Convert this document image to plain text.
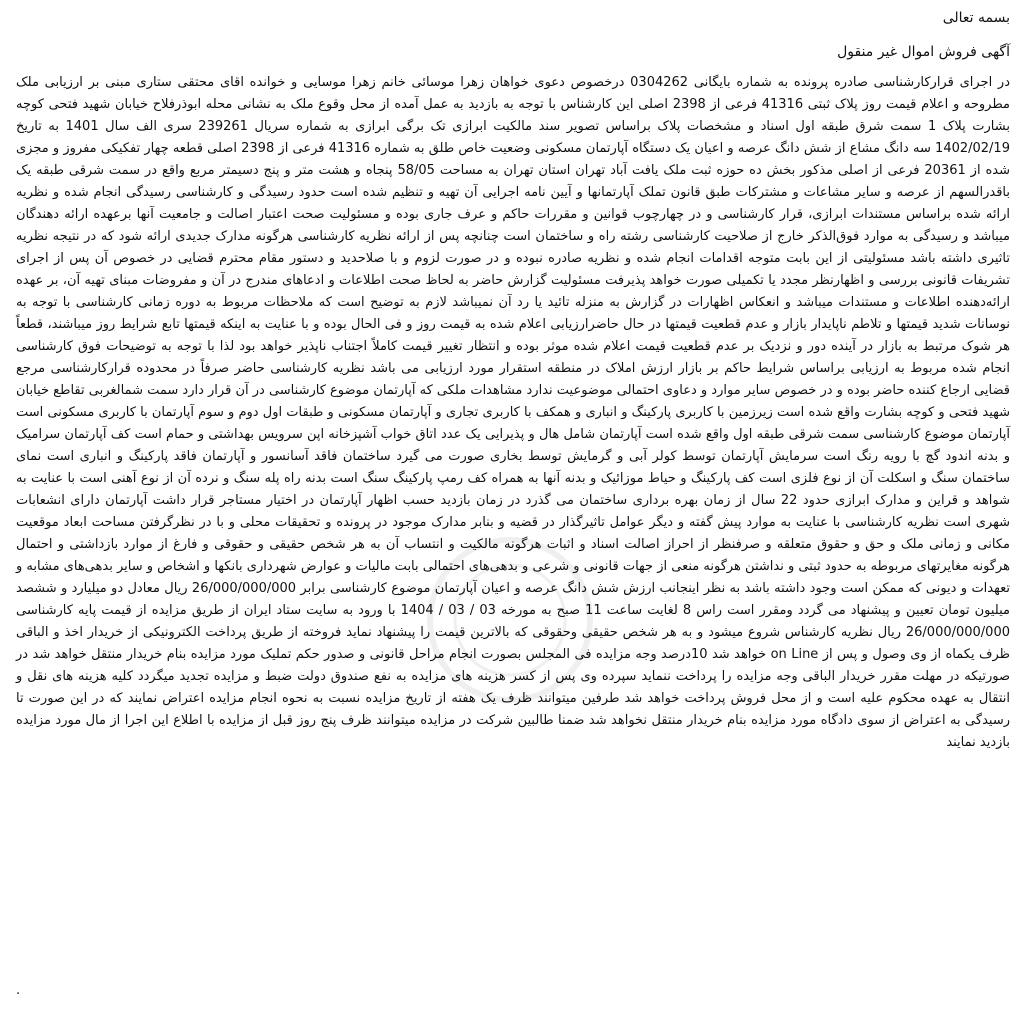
بسمه تعالی
آگهی فروش اموال غیر منقول

در اجرای قرارکارشناسی صادره پرونده به شماره بایگانی 0304262 درخصوص دعوی خواهان زهرا موسائی خانم زهرا موسایی و خوانده اقای محتقی ستاری مبنی بر ارزیابی ملک مطروحه و اعلام قیمت روز پلاک ثبتی 41316 فرعی از 2398 اصلی این کارشناس با توجه به بازدید به عمل آمده از محل وقوع ملک به نشانی محله ابوذرفلاح خیابان شهید فتحی کوچه بشارت پلاک 1 سمت شرق طبقه اول اسناد و مشخصات پلاک براساس تصویر سند مالکیت ابرازی تک برگی ابرازی به شماره سریال 239261 سری الف سال 1401 به تاریخ 1402/02/19 سه دانگ مشاع از شش دانگ عرصه و اعیان یک دستگاه آپارتمان مسکونی وضعیت خاص طلق به شماره 41316 فرعی از 2398 اصلی قطعه چهار تفکیکی مفروز و مجزی شده از 20361 فرعی از اصلی مذکور بخش ده حوزه ثبت ملک یافت آباد تهران استان تهران به مساحت 58/05 پنجاه و هشت متر و پنج دسیمتر مربع واقع در سمت شرقی طبقه یک باقدرالسهم از عرصه و سایر مشاعات و مشترکات طبق قانون تملک آپارتمانها و آیین نامه اجرایی آن تهیه و تنظیم شده است حدود رسیدگی و کارشناسی رسیدگی انجام شده و نظریه ارائه شده براساس مستندات ابرازی، قرار کارشناسی و در چهارچوب قوانین و مقررات حاکم و عرف جاری بوده و مسئولیت صحت اعتبار اصالت و جامعیت آنها برعهده ارائه دهندگان میباشد و رسیدگی به موارد فوق‌الذکر خارج از صلاحیت کارشناسی رشته راه و ساختمان است چنانچه پس از ارائه نظریه کارشناسی هرگونه مدارک جدیدی ارائه شود که در نتیجه نظریه تاثیری داشته باشد مسئولیتی از این بابت متوجه اقدامات انجام شده و نظریه صادره نبوده و در صورت لزوم و با صلاحدید و دستور مقام محترم قضایی در خصوص آن پس از اجرای تشریفات قانونی بررسی و اظهارنظر مجدد یا تکمیلی صورت خواهد پذیرفت مسئولیت گزارش حاضر به لحاظ صحت اطلاعات و ادعاهای مندرج در آن و مفروضات مبنای تهیه آن، بر عهده ارائه‌دهنده اطلاعات و مستندات میباشد و انعکاس اظهارات در گزارش به منزله تائید یا رد آن نمیباشد لازم به توضیح است که ملاحظات مربوط به دوره زمانی کارشناسی با توجه به نوسانات شدید قیمتها و تلاطم ناپایدار بازار و عدم قطعیت قیمتها در حال حاضرارزیابی اعلام شده به قیمت روز و فی الحال بوده و با عنایت به اینکه قیمتها تابع شرایط روز میباشند، قطعاً هر شوک مرتبط به بازار در آینده دور و نزدیک بر عدم قطعیت قیمت اعلام شده موثر بوده و انتظار تغییر قیمت کاملاً اجتناب ناپذیر خواهد بود لذا با توجه به توضیحات فوق کارشناسی انجام شده مربوط به ارزیابی براساس شرایط حاکم بر بازار ارزش املاک در منطقه استقرار مورد ارزیابی می باشد نظریه کارشناسی حاضر صرفاً در محدوده قرارکارشناسی مرجع قضایی ارجاع کننده حاضر بوده و در خصوص سایر موارد و دعاوی احتمالی موضوعیت ندارد مشاهدات ملکی که آپارتمان موضوع کارشناسی در آن قرار دارد سمت شمالغربی تقاطع خیابان شهید فتحی و کوچه بشارت واقع شده است زیرزمین با کاربری پارکینگ و انباری و همکف با کاربری تجاری و آپارتمان مسکونی و طبقات اول دوم و سوم آپارتمان با کاربری مسکونی است آپارتمان موضوع کارشناسی سمت شرقی طبقه اول واقع شده است آپارتمان شامل هال و پذیرایی یک عدد اتاق خواب آشپزخانه اپن سرویس بهداشتی و حمام است کف آپارتمان سرامیک و بدنه اندود گچ با رویه رنگ است سرمایش آپارتمان توسط کولر آبی و گرمایش توسط بخاری صورت می گیرد ساختمان فاقد آسانسور و آپارتمان فاقد پارکینگ و انباری است نمای ساختمان سنگ و اسکلت آن از نوع فلزی است کف پارکینگ و حیاط موزائیک و بدنه آنها به همراه کف رمپ پارکینگ سنگ است بدنه راه پله سنگ و نرده آن از نوع آهنی است با عنایت به شواهد و قراین و مدارک ابرازی حدود 22 سال از زمان بهره برداری ساختمان می گذرد در زمان بازدید حسب اظهار آپارتمان در اختیار مستاجر قرار داشت آپارتمان دارای انشعابات شهری است نظریه کارشناسی با عنایت به موارد پیش گفته و دیگر عوامل تاثیرگذار در قضیه و بنابر مدارک موجود در پرونده و تحقیقات محلی و با در نظرگرفتن مساحت ابعاد موقعیت مکانی و زمانی ملک و حق و حقوق متعلقه و صرفنظر از احراز اصالت اسناد و اثبات هرگونه مالکیت و انتساب آن به هر شخص حقیقی و حقوقی و فارغ از موارد بازداشتی و احتمال هرگونه مغایرتهای مربوطه به حدود ثبتی و نداشتن هرگونه منعی از جهات قانونی و شرعی و بدهی‌های احتمالی بابت مالیات و عوارض شهرداری بانکها و اشخاص و سایر بدهی‌های مشابه و تعهدات و دیونی که ممکن است وجود داشته باشد به نظر اینجانب ارزش شش دانگ عرصه و اعیان آپارتمان موضوع کارشناسی برابر 26/000/000/000 ریال معادل دو میلیارد و ششصد میلیون تومان تعیین و پیشنهاد می گردد ومقرر است راس 8 لغایت ساعت 11 صبح به مورخه 03 / 03 / 1404 با ورود به سایت ستاد ایران از طریق مزایده از قیمت پایه کارشناسی 26/000/000/000 ریال نظریه کارشناس شروع میشود و به هر شخص حقیقی وحقوقی که بالاترین قیمت را پیشنهاد نماید فروخته از طریق پرداخت الکترونیکی از خریدار اخذ و الباقی ظرف یکماه از وی وصول و پس از on Line خواهد شد 10درصد وجه مزایده فی المجلس بصورت انجام مراحل قانونی و صدور حکم تملیک مورد مزایده بنام خریدار منتقل خواهد شد در صورتیکه در مهلت مقرر خریدار الباقی وجه مزایده را پرداخت ننماید سپرده وی پس از کسر هزینه های مزایده به نفع صندوق دولت ضبط و مزایده تجدید میگردد کلیه هزینه های نقل و انتقال به عهده محکوم علیه است و از محل فروش پرداخت خواهد شد طرفین میتوانند ظرف یک هفته از تاریخ مزایده نسبت به نحوه انجام مزایده اعتراض نمایند که در این صورت تا رسیدگی به اعتراض از سوی دادگاه مورد مزایده بنام خریدار منتقل نخواهد شد ضمنا طالبین شرکت در مزایده میتوانند ظرف پنج روز قبل از مزایده با اطلاع این اجرا از مال مورد مزایده بازدید نمایند

.
